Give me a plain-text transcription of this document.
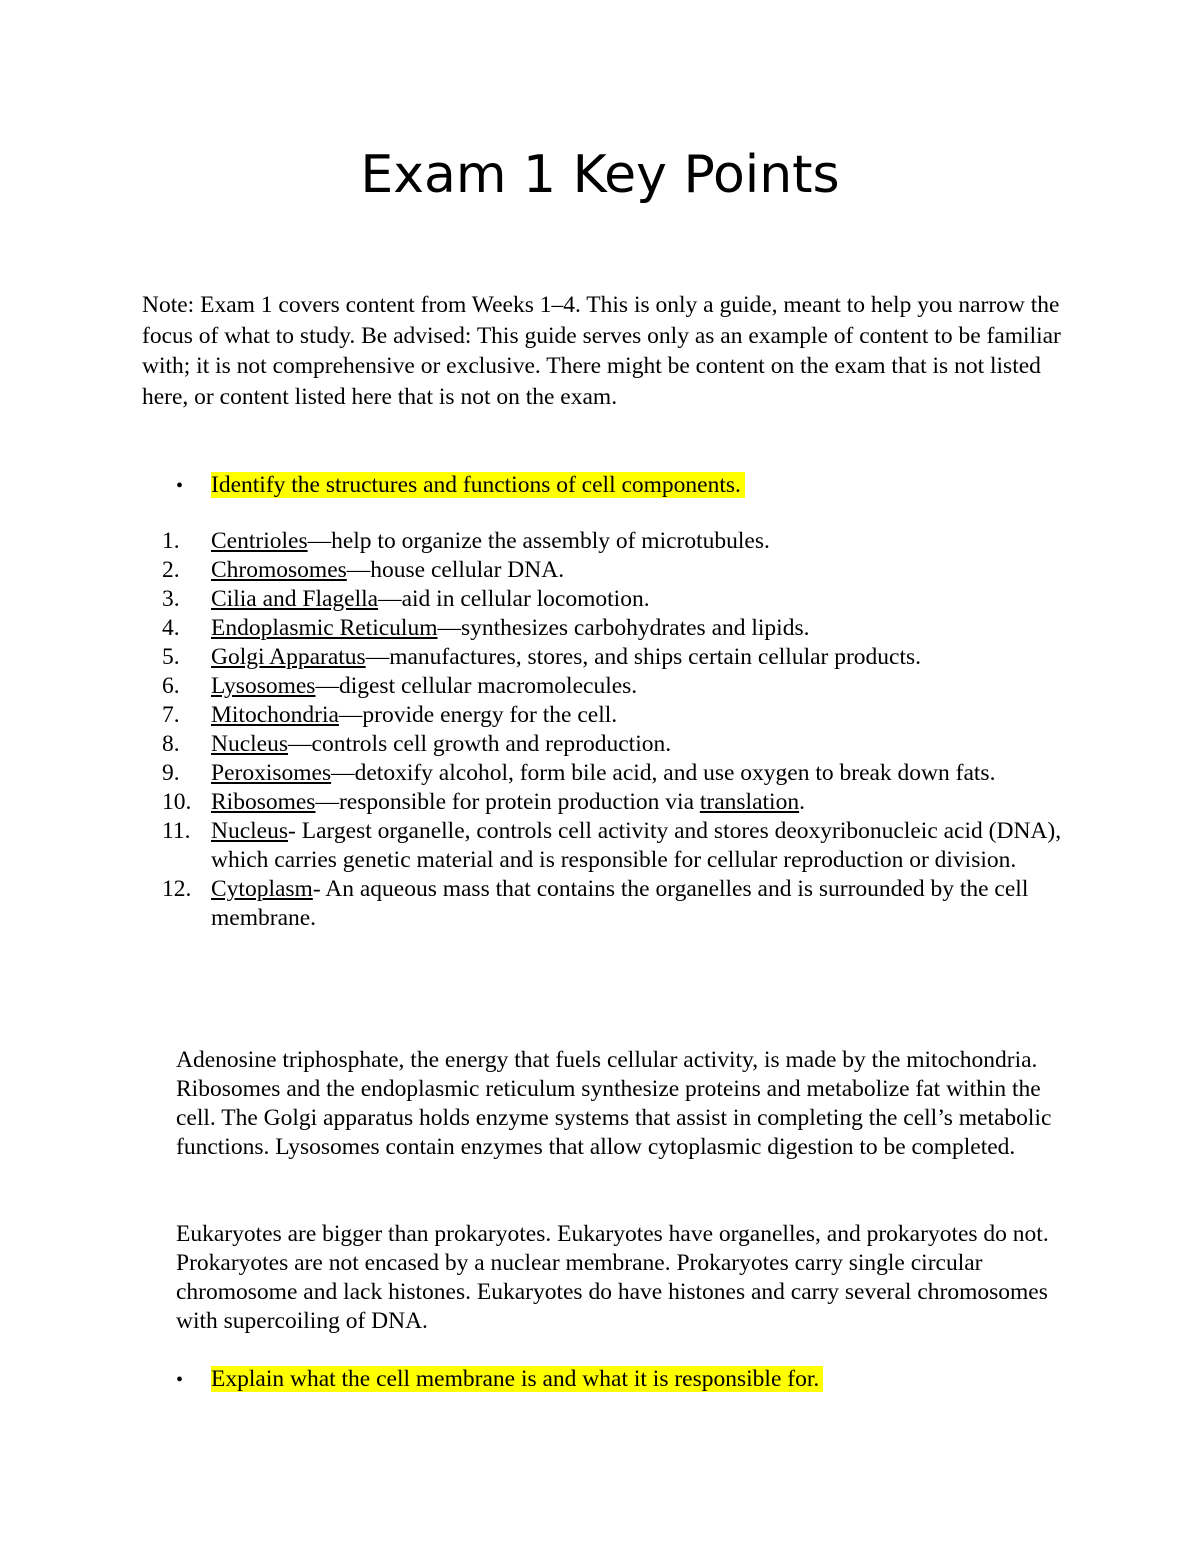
Exam 1 Key Points

Note: Exam 1 covers content from Weeks 1–4. This is only a guide, meant to help you narrow the focus of what to study. Be advised: This guide serves only as an example of content to be familiar with; it is not comprehensive or exclusive. There might be content on the exam that is not listed here, or content listed here that is not on the exam.

• Identify the structures and functions of cell components.

1.	Centrioles—help to organize the assembly of microtubules.
2.	Chromosomes—house cellular DNA.
3.	Cilia and Flagella—aid in cellular locomotion.
4.	Endoplasmic Reticulum—synthesizes carbohydrates and lipids.
5.	Golgi Apparatus—manufactures, stores, and ships certain cellular products.
6.	Lysosomes—digest cellular macromolecules.
7.	Mitochondria—provide energy for the cell.
8.	Nucleus—controls cell growth and reproduction.
9.	Peroxisomes—detoxify alcohol, form bile acid, and use oxygen to break down fats.
10. Ribosomes—responsible for protein production via translation.
11. Nucleus- Largest organelle, controls cell activity and stores deoxyribonucleic acid (DNA), which carries genetic material and is responsible for cellular reproduction or division.
12. Cytoplasm- An aqueous mass that contains the organelles and is surrounded by the cell membrane.

Adenosine triphosphate, the energy that fuels cellular activity, is made by the mitochondria. Ribosomes and the endoplasmic reticulum synthesize proteins and metabolize fat within the cell. The Golgi apparatus holds enzyme systems that assist in completing the cell’s metabolic functions. Lysosomes contain enzymes that allow cytoplasmic digestion to be completed.

Eukaryotes are bigger than prokaryotes. Eukaryotes have organelles, and prokaryotes do not. Prokaryotes are not encased by a nuclear membrane. Prokaryotes carry single circular chromosome and lack histones. Eukaryotes do have histones and carry several chromosomes with supercoiling of DNA.

• Explain what the cell membrane is and what it is responsible for.
